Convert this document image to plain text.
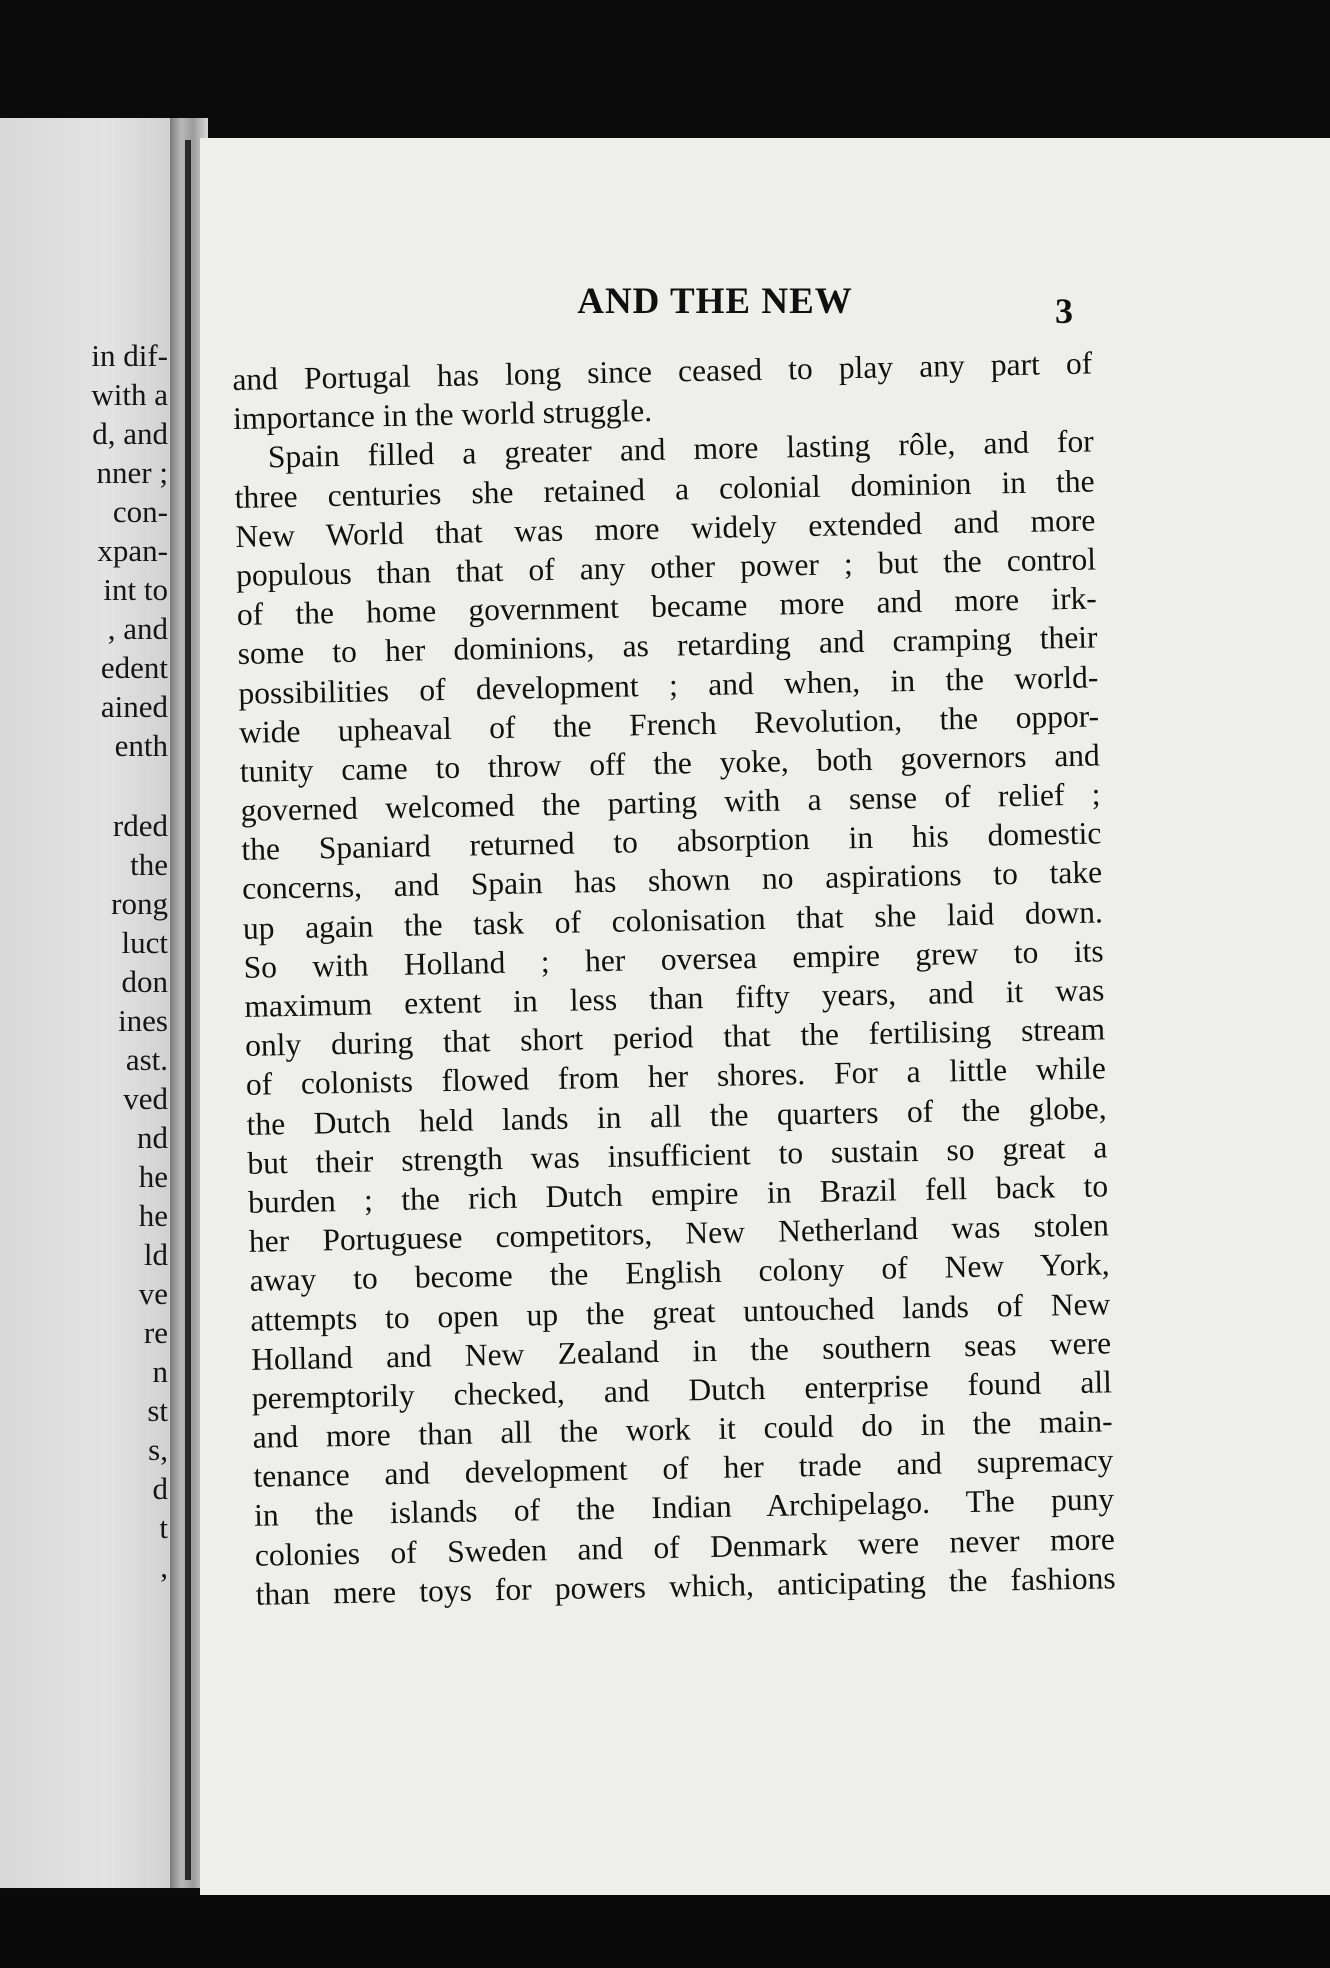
in dif-
with a
d, and
nner ;
con-
xpan-
int to
, and
edent
ained
enth
rded
the
rong
luct
don
ines
ast.
ved
nd
he
he
ld
ve
re
n
st
s,
d
t
,
AND THE NEW	3
and Portugal has long since ceased to play any part of
importance in the world struggle.
Spain filled a greater and more lasting rôle, and for
three centuries she retained a colonial dominion in the
New World that was more widely extended and more
populous than that of any other power ; but the control
of the home government became more and more irk-
some to her dominions, as retarding and cramping their
possibilities of development ; and when, in the world-
wide upheaval of the French Revolution, the oppor-
tunity came to throw off the yoke, both governors and
governed welcomed the parting with a sense of relief ;
the Spaniard returned to absorption in his domestic
concerns, and Spain has shown no aspirations to take
up again the task of colonisation that she laid down.
So with Holland ; her oversea empire grew to its
maximum extent in less than fifty years, and it was
only during that short period that the fertilising stream
of colonists flowed from her shores. For a little while
the Dutch held lands in all the quarters of the globe,
but their strength was insufficient to sustain so great a
burden ; the rich Dutch empire in Brazil fell back to
her Portuguese competitors, New Netherland was stolen
away to become the English colony of New York,
attempts to open up the great untouched lands of New
Holland and New Zealand in the southern seas were
peremptorily checked, and Dutch enterprise found all
and more than all the work it could do in the main-
tenance and development of her trade and supremacy
in the islands of the Indian Archipelago. The puny
colonies of Sweden and of Denmark were never more
than mere toys for powers which, anticipating the fashions
